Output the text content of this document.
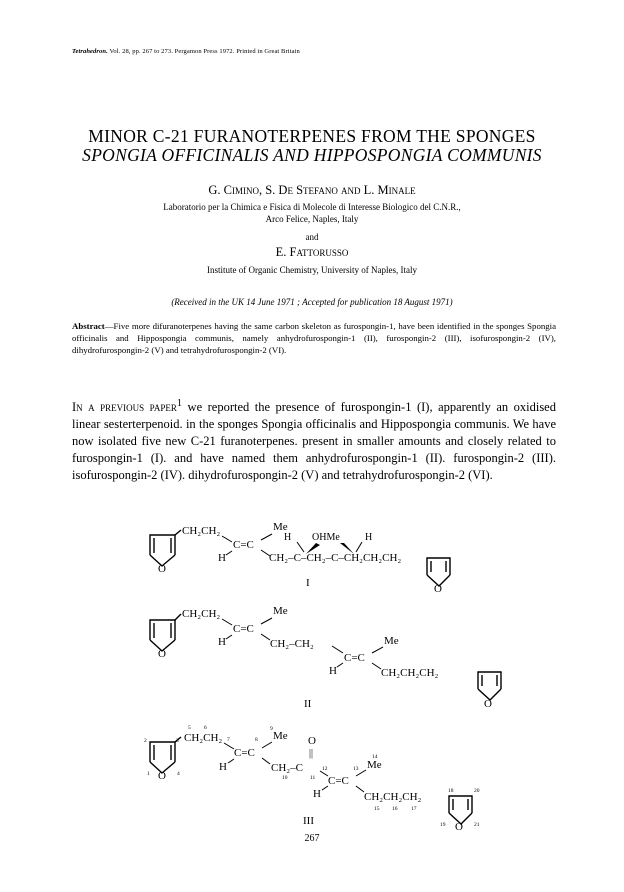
Tetrahedron. Vol. 28, pp. 267 to 273. Pergamon Press 1972. Printed in Great Britain
MINOR C-21 FURANOTERPENES FROM THE SPONGES
SPONGIA OFFICINALIS AND HIPPOSPONGIA COMMUNIS
G. Cimino, S. De Stefano and L. Minale
Laboratorio per la Chimica e Fisica di Molecole di Interesse Biologico del C.N.R.,
Arco Felice, Naples, Italy
and
E. Fattorusso
Institute of Organic Chemistry, University of Naples, Italy
(Received in the UK 14 June 1971 ; Accepted for publication 18 August 1971)
Abstract—Five more difuranoterpenes having the same carbon skeleton as furospongin-1, have been identified in the sponges Spongia officinalis and Hippospongia communis, namely anhydrofurospongin-1 (II), furospongin-2 (III), isofurospongin-2 (IV), dihydrofurospongin-2 (V) and tetrahydrofurospongin-2 (VI).
In a previous paper$^1$ we reported the presence of furospongin-1 (I), apparently an oxidised linear sesterterpenoid. in the sponges Spongia officinalis and Hippospongia communis. We have now isolated five new C-21 furanoterpenes. present in smaller amounts and closely related to furospongin-1 (I). and have named them anhydrofurospongin-1 (II). furospongin-2 (III). isofurospongin-2 (IV). dihydrofurospongin-2 (V) and tetrahydrofurospongin-2 (VI).
O
CH₂CH₂
C=C
Me
H
H OHMe	H
CH₂–C–CH₂–C–CH₂CH₂CH₂
O
I
O
CH₂CH₂
C=C
Me
H	CH₂–CH₂
C=C
Me
H	CH₂CH₂CH₂
O
II
O
CH₂CH₂
C=C
Me
H
O
||
CH₂–C
C=C
Me
H	CH₂CH₂CH₂
O
III
1
2	3
4
5 6
7	8
9
10	11
12	13
14
15 16 17
18
19
20
21
267
